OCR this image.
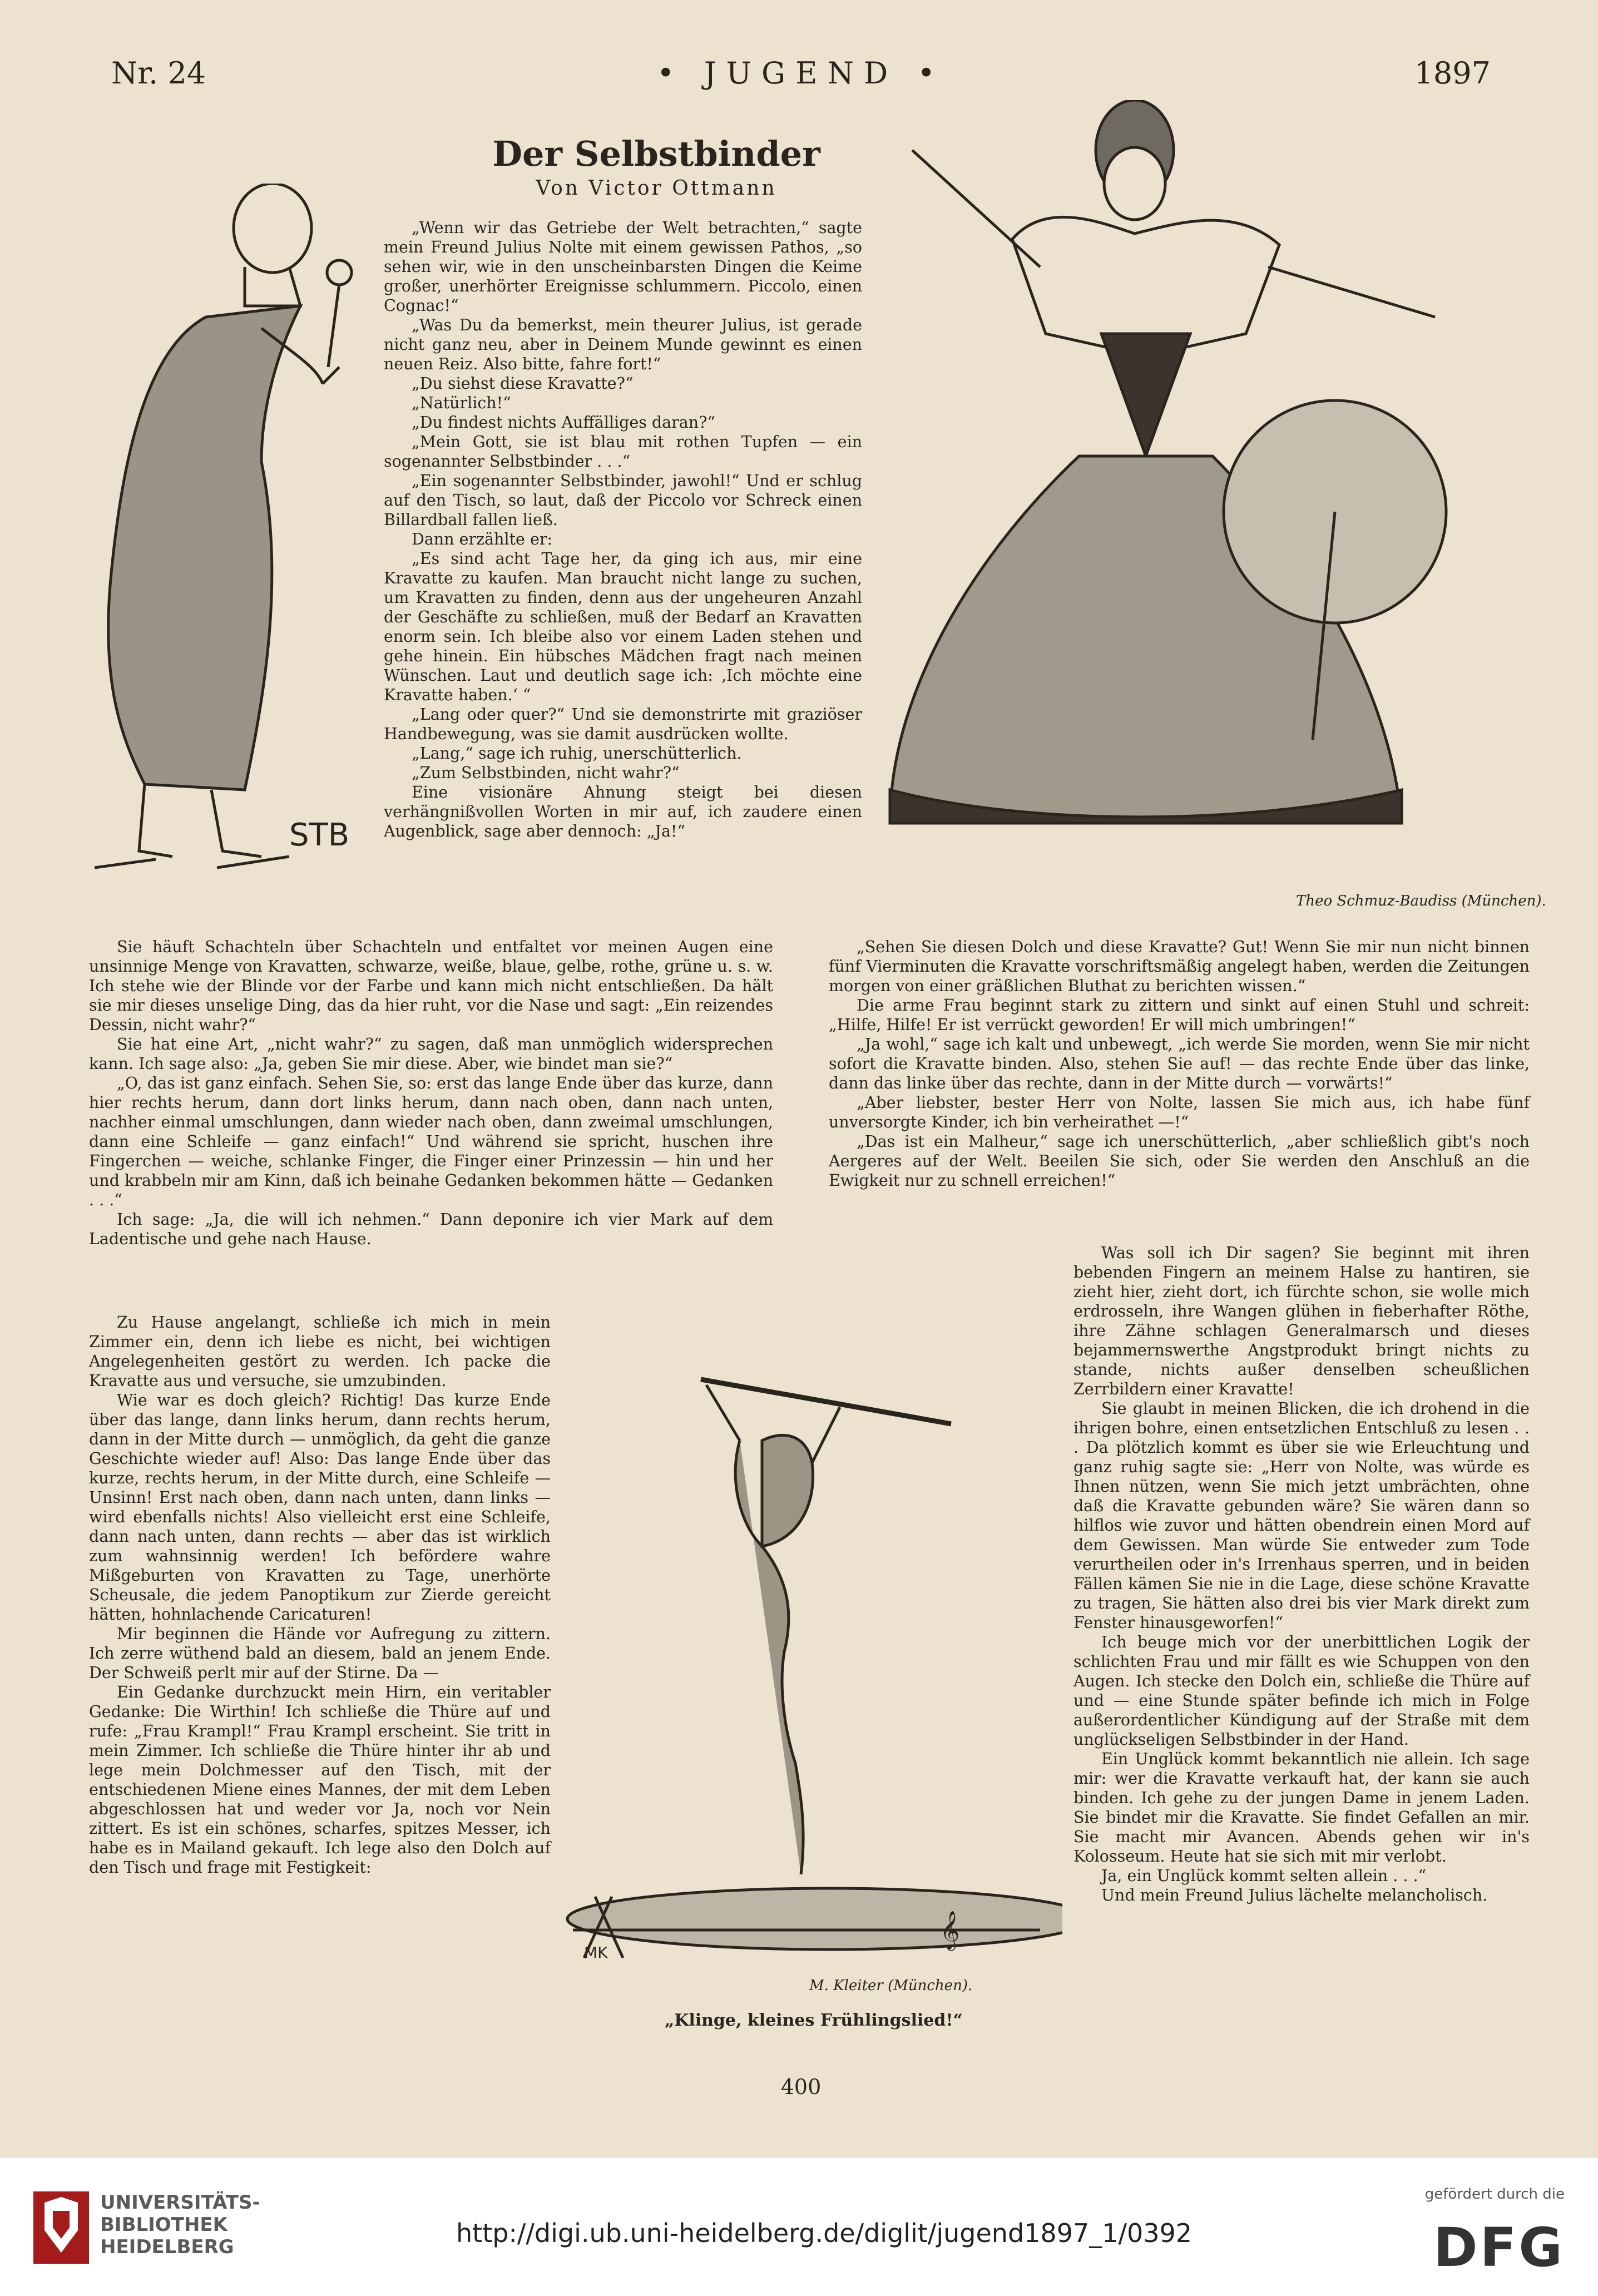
Nr. 24	• JUGEND •	1897
STB
Der Selbstbinder
Von Victor Ottmann
Theo Schmuz-Baudiss (München).

„Wenn wir das Getriebe der Welt betrachten,“ sagte mein Freund Julius Nolte mit einem gewissen Pathos, „so sehen wir, wie in den unscheinbarsten Dingen die Keime großer, unerhörter Ereignisse schlummern. Piccolo, einen Cognac!“

„Was Du da bemerkst, mein theurer Julius, ist gerade nicht ganz neu, aber in Deinem Munde gewinnt es einen neuen Reiz. Also bitte, fahre fort!“

„Du siehst diese Kravatte?“

„Natürlich!“

„Du findest nichts Auffälliges daran?“

„Mein Gott, sie ist blau mit rothen Tupfen — ein sogenannter Selbstbinder . . .“

„Ein sogenannter Selbstbinder, jawohl!“ Und er schlug auf den Tisch, so laut, daß der Piccolo vor Schreck einen Billardball fallen ließ.

Dann erzählte er:

„Es sind acht Tage her, da ging ich aus, mir eine Kravatte zu kaufen. Man braucht nicht lange zu suchen, um Kravatten zu finden, denn aus der ungeheuren Anzahl der Geschäfte zu schließen, muß der Bedarf an Kravatten enorm sein. Ich bleibe also vor einem Laden stehen und gehe hinein. Ein hübsches Mädchen fragt nach meinen Wünschen. Laut und deutlich sage ich: ‚Ich möchte eine Kravatte haben.‘ “

„Lang oder quer?“ Und sie demonstrirte mit graziöser Handbewegung, was sie damit ausdrücken wollte.

„Lang,“ sage ich ruhig, unerschütterlich.

„Zum Selbstbinden, nicht wahr?“

Eine visionäre Ahnung steigt bei diesen verhängnißvollen Worten in mir auf, ich zaudere einen Augenblick, sage aber dennoch: „Ja!“

Sie häuft Schachteln über Schachteln und entfaltet vor meinen Augen eine unsinnige Menge von Kravatten, schwarze, weiße, blaue, gelbe, rothe, grüne u. s. w. Ich stehe wie der Blinde vor der Farbe und kann mich nicht entschließen. Da hält sie mir dieses unselige Ding, das da hier ruht, vor die Nase und sagt: „Ein reizendes Dessin, nicht wahr?“

Sie hat eine Art, „nicht wahr?“ zu sagen, daß man unmöglich widersprechen kann. Ich sage also: „Ja, geben Sie mir diese. Aber, wie bindet man sie?“

„O, das ist ganz einfach. Sehen Sie, so: erst das lange Ende über das kurze, dann hier rechts herum, dann dort links herum, dann nach oben, dann nach unten, nachher einmal umschlungen, dann wieder nach oben, dann zweimal umschlungen, dann eine Schleife — ganz einfach!“ Und während sie spricht, huschen ihre Fingerchen — weiche, schlanke Finger, die Finger einer Prinzessin — hin und her und krabbeln mir am Kinn, daß ich beinahe Gedanken bekommen hätte — Gedanken . . .“

Ich sage: „Ja, die will ich nehmen.“ Dann deponire ich vier Mark auf dem Ladentische und gehe nach Hause.

Zu Hause angelangt, schließe ich mich in mein Zimmer ein, denn ich liebe es nicht, bei wichtigen Angelegenheiten gestört zu werden. Ich packe die Kravatte aus und versuche, sie umzubinden.

Wie war es doch gleich? Richtig! Das kurze Ende über das lange, dann links herum, dann rechts herum, dann in der Mitte durch — unmöglich, da geht die ganze Geschichte wieder auf! Also: Das lange Ende über das kurze, rechts herum, in der Mitte durch, eine Schleife — Unsinn! Erst nach oben, dann nach unten, dann links — wird ebenfalls nichts! Also vielleicht erst eine Schleife, dann nach unten, dann rechts — aber das ist wirklich zum wahnsinnig werden! Ich befördere wahre Mißgeburten von Kravatten zu Tage, unerhörte Scheusale, die jedem Panoptikum zur Zierde gereicht hätten, hohnlachende Caricaturen!

Mir beginnen die Hände vor Aufregung zu zittern. Ich zerre wüthend bald an diesem, bald an jenem Ende. Der Schweiß perlt mir auf der Stirne. Da —

Ein Gedanke durchzuckt mein Hirn, ein veritabler Gedanke: Die Wirthin! Ich schließe die Thüre auf und rufe: „Frau Krampl!“ Frau Krampl erscheint. Sie tritt in mein Zimmer. Ich schließe die Thüre hinter ihr ab und lege mein Dolchmesser auf den Tisch, mit der entschiedenen Miene eines Mannes, der mit dem Leben abgeschlossen hat und weder vor Ja, noch vor Nein zittert. Es ist ein schönes, scharfes, spitzes Messer, ich habe es in Mailand gekauft. Ich lege also den Dolch auf den Tisch und frage mit Festigkeit:

„Sehen Sie diesen Dolch und diese Kravatte? Gut! Wenn Sie mir nun nicht binnen fünf Vierminuten die Kravatte vorschriftsmäßig angelegt haben, werden die Zeitungen morgen von einer gräßlichen Bluthat zu berichten wissen.“

Die arme Frau beginnt stark zu zittern und sinkt auf einen Stuhl und schreit: „Hilfe, Hilfe! Er ist verrückt geworden! Er will mich umbringen!“

„Ja wohl,“ sage ich kalt und unbewegt, „ich werde Sie morden, wenn Sie mir nicht sofort die Kravatte binden. Also, stehen Sie auf! — das rechte Ende über das linke, dann das linke über das rechte, dann in der Mitte durch — vorwärts!“

„Aber liebster, bester Herr von Nolte, lassen Sie mich aus, ich habe fünf unversorgte Kinder, ich bin verheirathet —!“

„Das ist ein Malheur,“ sage ich unerschütterlich, „aber schließlich gibt's noch Aergeres auf der Welt. Beeilen Sie sich, oder Sie werden den Anschluß an die Ewigkeit nur zu schnell erreichen!“

Was soll ich Dir sagen? Sie beginnt mit ihren bebenden Fingern an meinem Halse zu hantiren, sie zieht hier, zieht dort, ich fürchte schon, sie wolle mich erdrosseln, ihre Wangen glühen in fieberhafter Röthe, ihre Zähne schlagen Generalmarsch und dieses bejammernswerthe Angstprodukt bringt nichts zu stande, nichts außer denselben scheußlichen Zerrbildern einer Kravatte!

Sie glaubt in meinen Blicken, die ich drohend in die ihrigen bohre, einen entsetzlichen Entschluß zu lesen . . . Da plötzlich kommt es über sie wie Erleuchtung und ganz ruhig sagte sie: „Herr von Nolte, was würde es Ihnen nützen, wenn Sie mich jetzt umbrächten, ohne daß die Kravatte gebunden wäre? Sie wären dann so hilflos wie zuvor und hätten obendrein einen Mord auf dem Gewissen. Man würde Sie entweder zum Tode verurtheilen oder in's Irrenhaus sperren, und in beiden Fällen kämen Sie nie in die Lage, diese schöne Kravatte zu tragen, Sie hätten also drei bis vier Mark direkt zum Fenster hinausgeworfen!“

Ich beuge mich vor der unerbittlichen Logik der schlichten Frau und mir fällt es wie Schuppen von den Augen. Ich stecke den Dolch ein, schließe die Thüre auf und — eine Stunde später befinde ich mich in Folge außerordentlicher Kündigung auf der Straße mit dem unglückseligen Selbstbinder in der Hand.

Ein Unglück kommt bekanntlich nie allein. Ich sage mir: wer die Kravatte verkauft hat, der kann sie auch binden. Ich gehe zu der jungen Dame in jenem Laden. Sie bindet mir die Kravatte. Sie findet Gefallen an mir. Sie macht mir Avancen. Abends gehen wir in's Kolosseum. Heute hat sie sich mit mir verlobt.

Ja, ein Unglück kommt selten allein . . .“

Und mein Freund Julius lächelte melancholisch.

𝄞
MK
M. Kleiter (München).
„Klinge, kleines Frühlingslied!“
400
UNIVERSITÄTS-
BIBLIOTHEK
HEIDELBERG	http://digi.ub.uni-heidelberg.de/diglit/jugend1897_1/0392
gefördert durch die
DFG
